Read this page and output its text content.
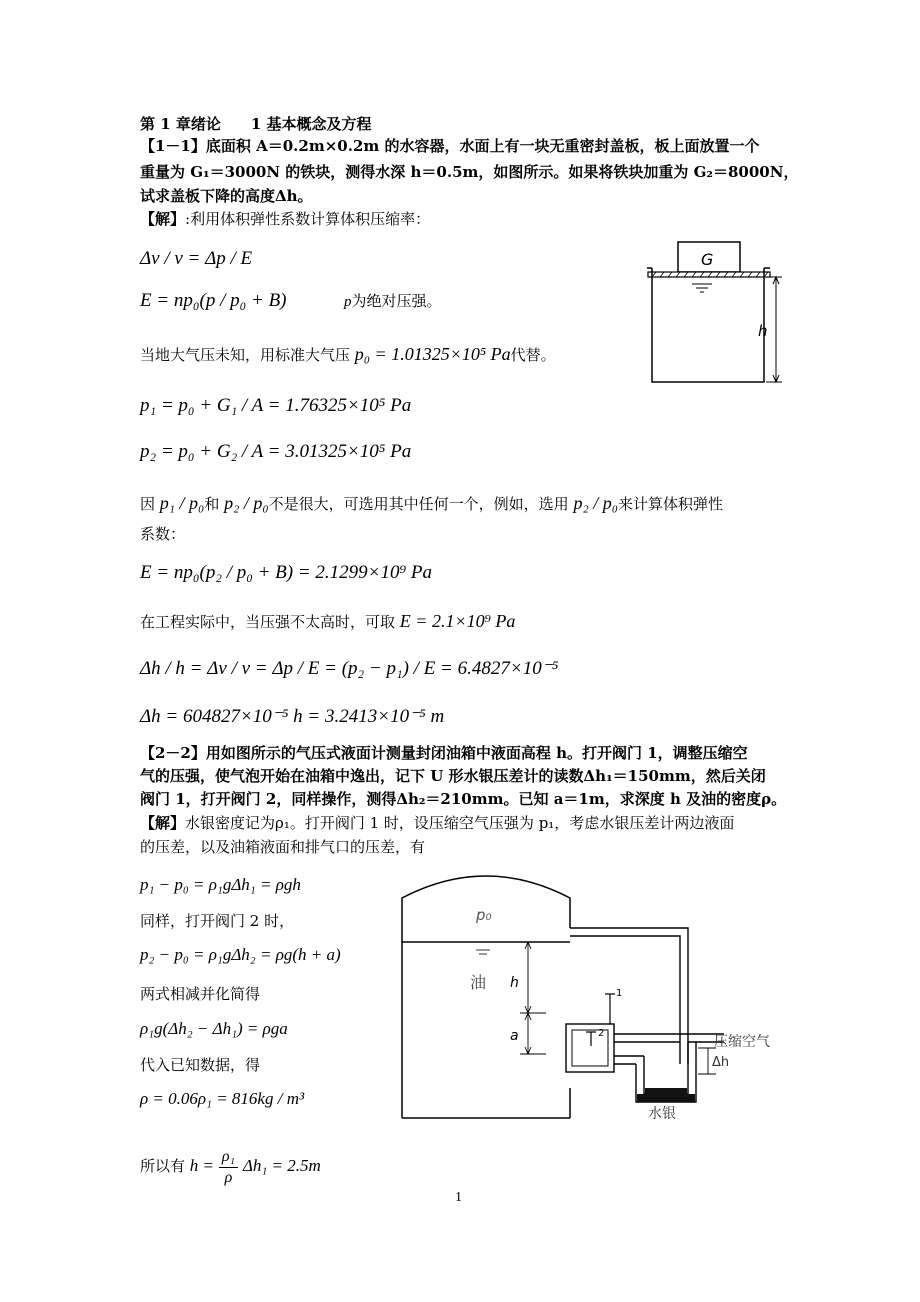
第 1 章绪论　　1 基本概念及方程
【1－1】底面积 A＝0.2m×0.2m 的水容器，水面上有一块无重密封盖板，板上面放置一个
重量为 G₁＝3000N 的铁块，测得水深 h＝0.5m，如图所示。如果将铁块加重为 G₂＝8000N，
试求盖板下降的高度Δh。
【解】:利用体积弹性系数计算体积压缩率：
Δv / v = Δp / E
E = np₀(p / p₀ + B)	p为绝对压强。
当地大气压未知，用标准大气压 p₀ = 1.01325×10⁵ Pa代替。
p₁ = p₀ + G₁ / A = 1.76325×10⁵ Pa
p₂ = p₀ + G₂ / A = 3.01325×10⁵ Pa
因 p₁ / p₀和 p₂ / p₀不是很大，可选用其中任何一个，例如，选用 p₂ / p₀来计算体积弹性
系数：
E = np₀(p₂ / p₀ + B) = 2.1299×10⁹ Pa
在工程实际中，当压强不太高时，可取 E = 2.1×10⁹ Pa
Δh / h = Δv / v = Δp / E = (p₂ − p₁) / E = 6.4827×10⁻⁵
Δh = 604827×10⁻⁵ h = 3.2413×10⁻⁵ m
G
h
【2－2】用如图所示的气压式液面计测量封闭油箱中液面高程 h。打开阀门 1，调整压缩空
气的压强，使气泡开始在油箱中逸出，记下 U 形水银压差计的读数Δh₁＝150mm，然后关闭
阀门 1，打开阀门 2，同样操作，测得Δh₂＝210mm。已知 a＝1m，求深度 h 及油的密度ρ。
【解】水银密度记为ρ₁。打开阀门 1 时，设压缩空气压强为 p₁，考虑水银压差计两边液面
的压差，以及油箱液面和排气口的压差，有
p₁ − p₀ = ρ₁gΔh₁ = ρgh
同样，打开阀门 2 时，
p₂ − p₀ = ρ₁gΔh₂ = ρg(h + a)
两式相减并化简得
ρ₁g(Δh₂ − Δh₁) = ρga
代入已知数据，得
ρ = 0.06ρ₁ = 816kg / m³
所以有 $h = \frac{\text{ρ₁}}{\rho} \Delta h_1 = 2.5m$
p₀
油 h
a
1
2
压缩空气
Δh
水银
1
